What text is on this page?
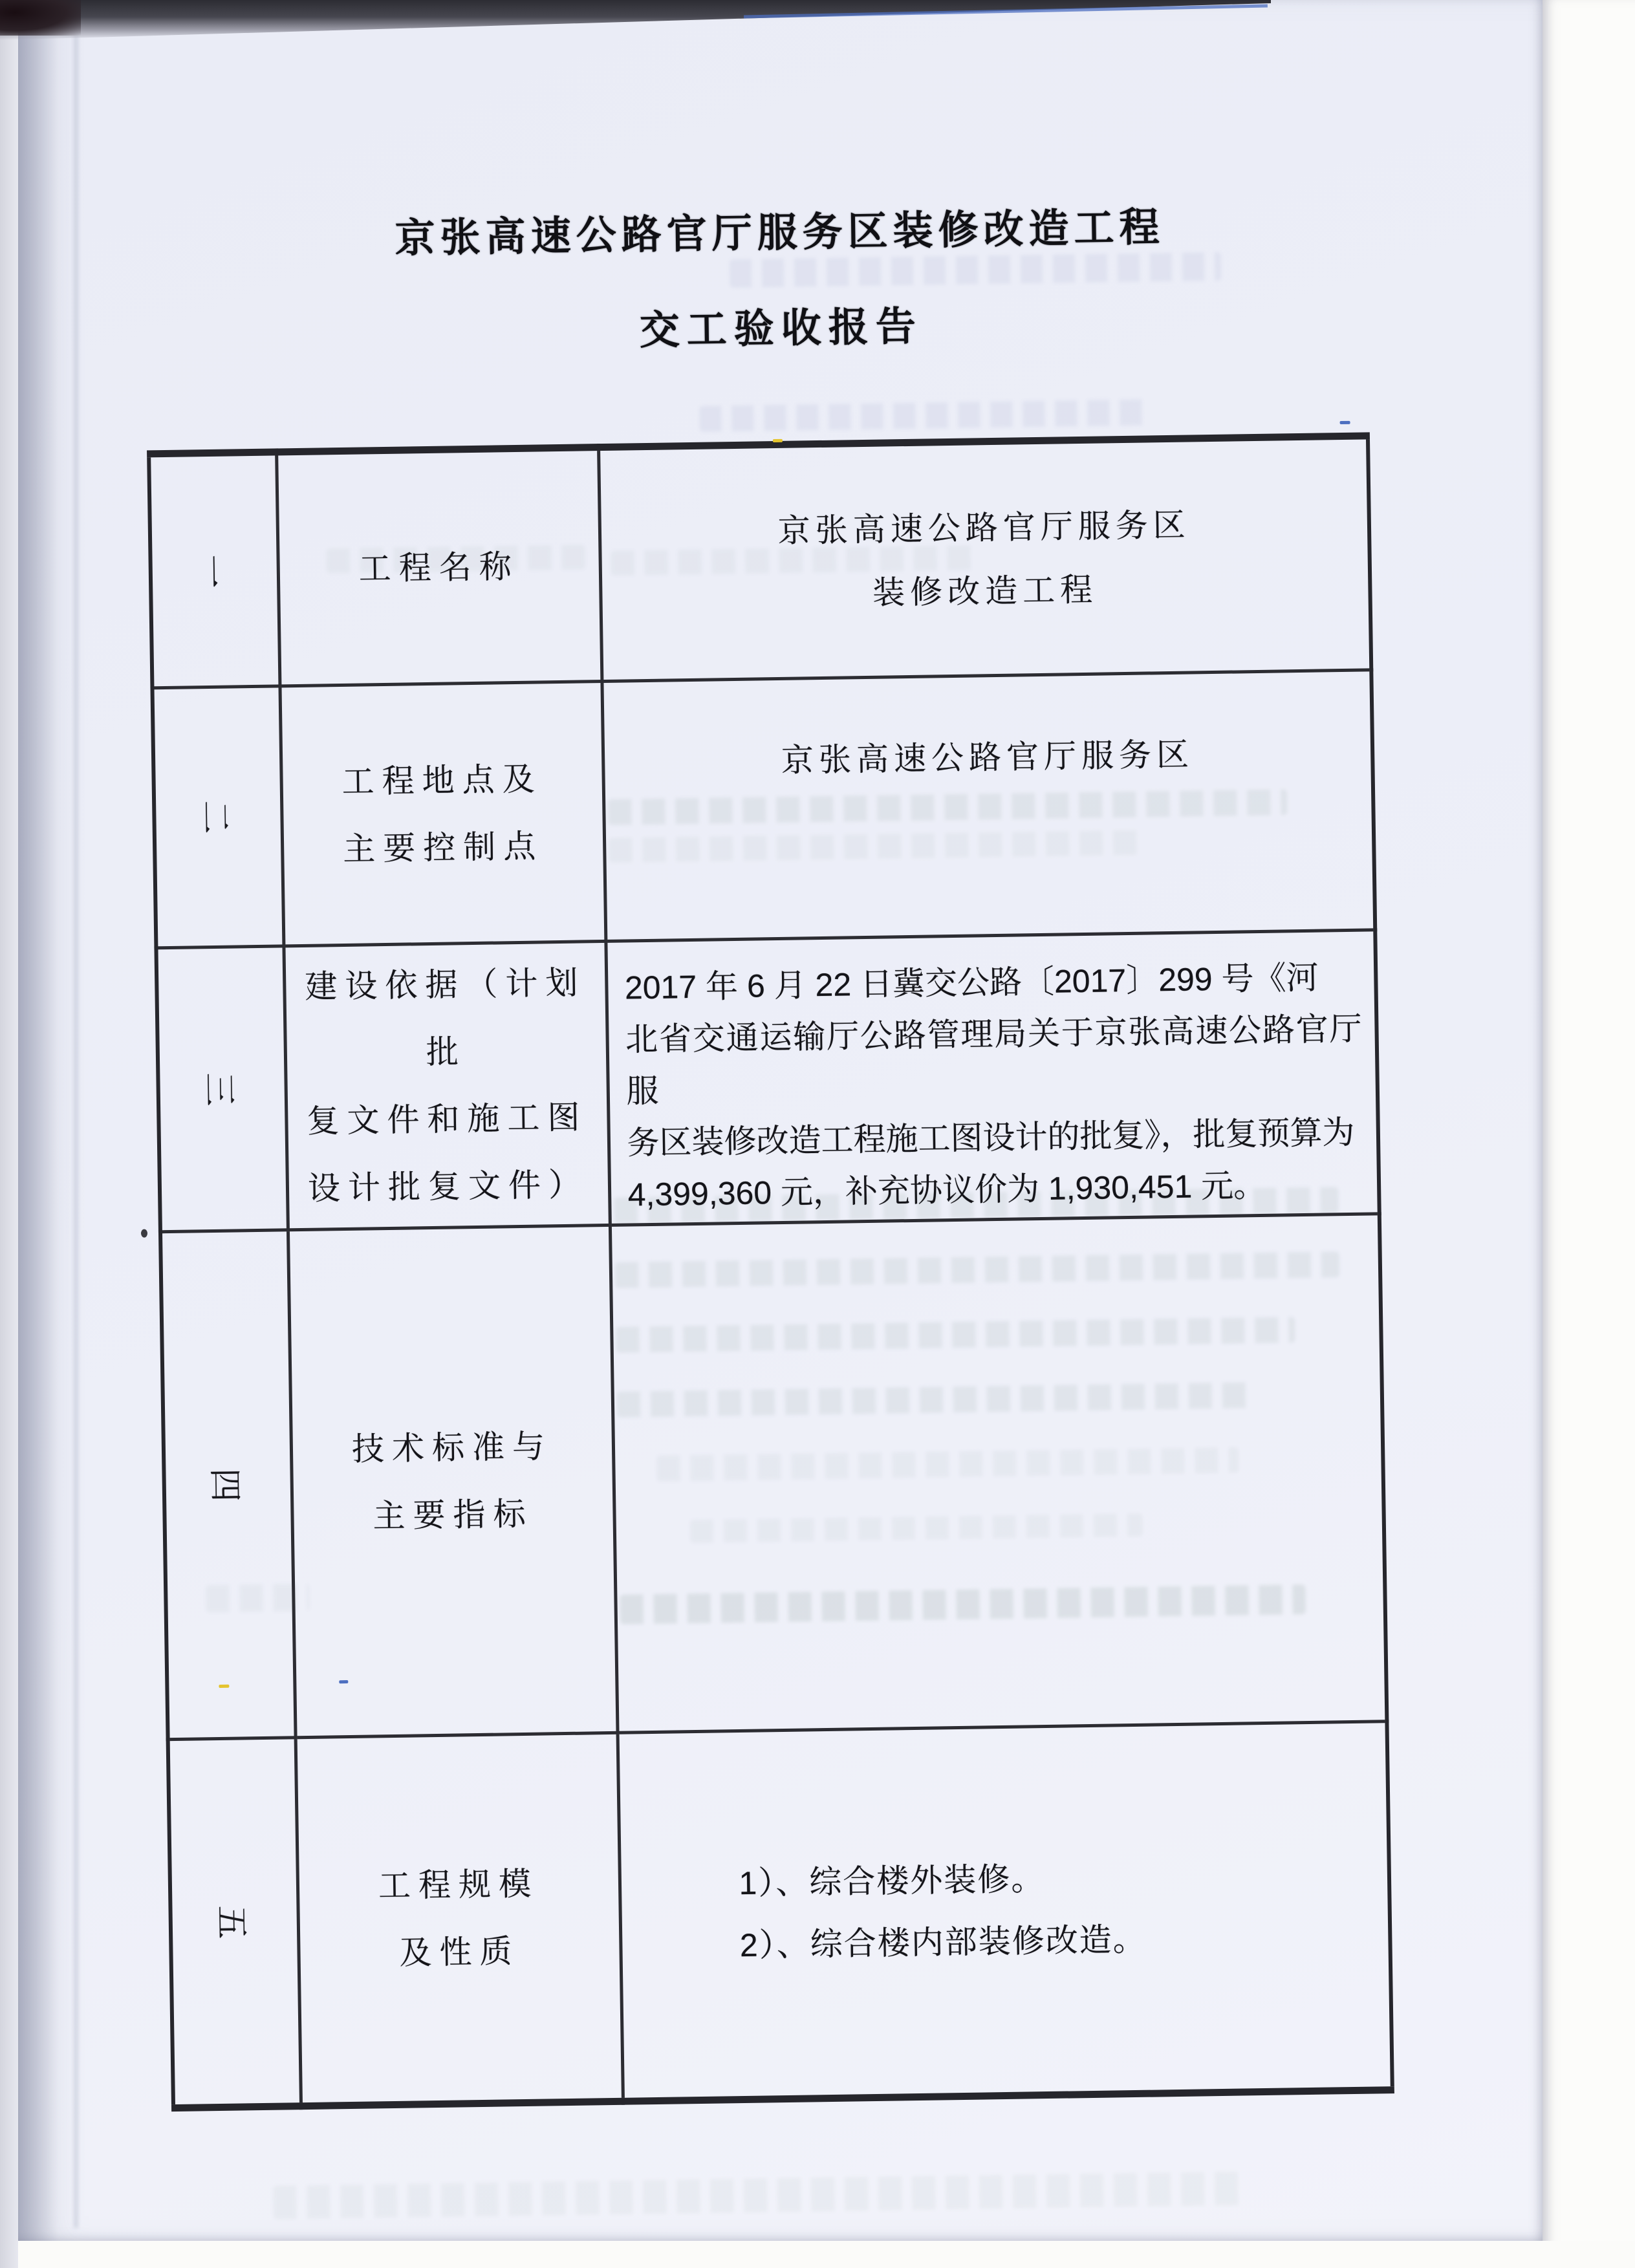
京张高速公路官厅服务区装修改造工程
交工验收报告
一	工程名称	京张高速公路官厅服务区
装修改造工程
二	工程地点及
主要控制点	京张高速公路官厅服务区
三	建设依据（计划批
复文件和施工图
设计批复文件）	2017 年 6 月 22 日冀交公路〔2017〕299 号《河
北省交通运输厅公路管理局关于京张高速公路官厅服
务区装修改造工程施工图设计的批复》，批复预算为
4,399,360 元，补充协议价为 1,930,451 元。
四	技术标准与
主要指标	
五	工程规模
及性质	1）、综合楼外装修。
2）、综合楼内部装修改造。
